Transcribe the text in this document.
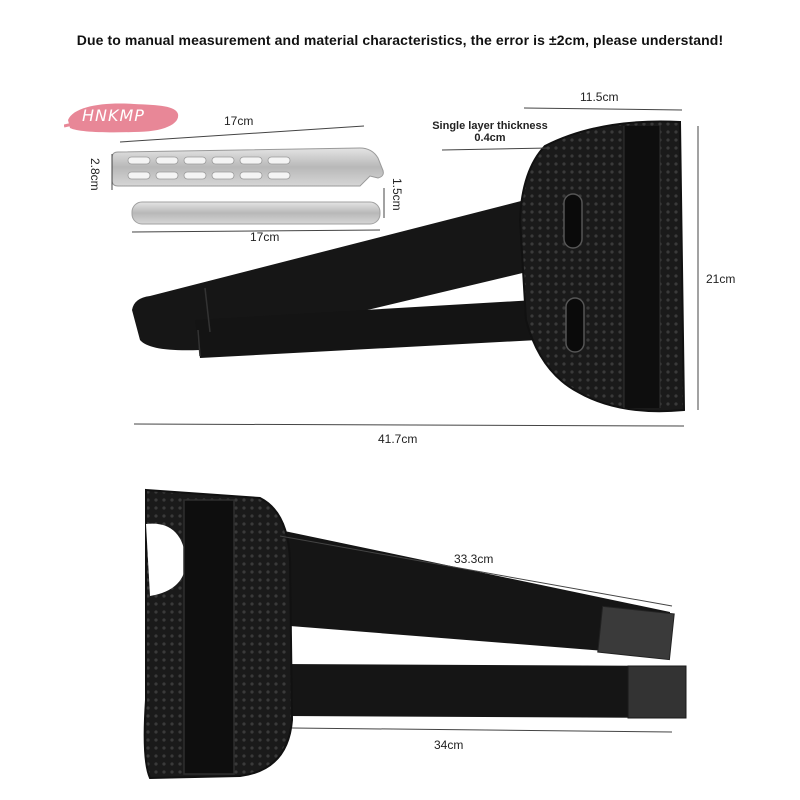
Due to manual measurement and material characteristics, the error is ±2cm, please understand!
HNKMP	17cm
2.8cm
1.5cm
17cm
11.5cm
Single layer thickness
0.4cm
21cm
41.7cm
33.3cm
34cm
